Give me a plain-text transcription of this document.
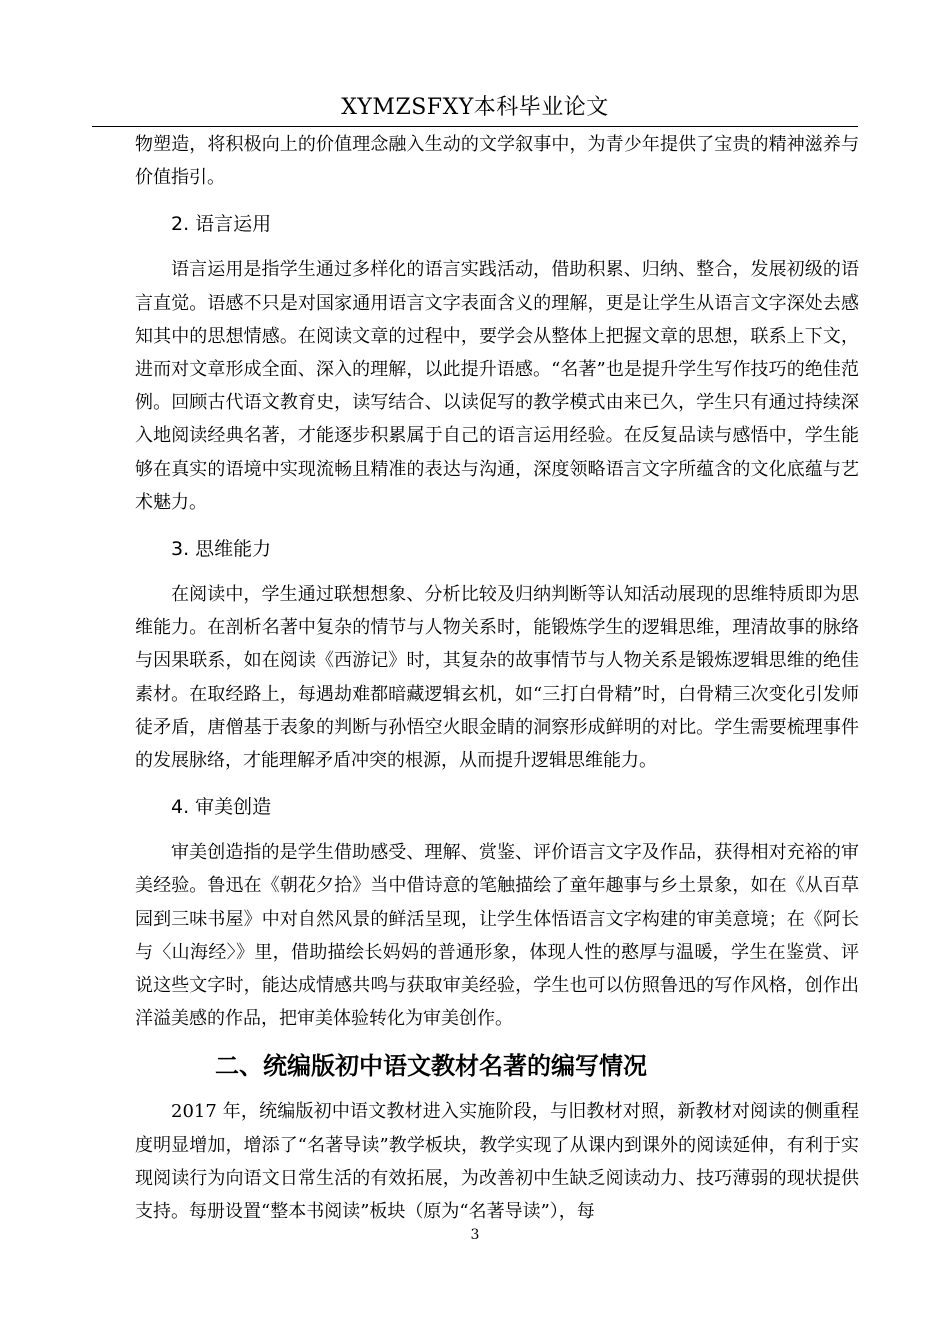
XYMZSFXY本科毕业论文

物塑造，将积极向上的价值理念融入生动的文学叙事中，为青少年提供了宝贵的精神滋养与价值指引。

2. 语言运用

语言运用是指学生通过多样化的语言实践活动，借助积累、归纳、整合，发展初级的语言直觉。语感不只是对国家通用语言文字表面含义的理解，更是让学生从语言文字深处去感知其中的思想情感。在阅读文章的过程中，要学会从整体上把握文章的思想，联系上下文，进而对文章形成全面、深入的理解，以此提升语感。“名著”也是提升学生写作技巧的绝佳范例。回顾古代语文教育史，读写结合、以读促写的教学模式由来已久，学生只有通过持续深入地阅读经典名著，才能逐步积累属于自己的语言运用经验。在反复品读与感悟中，学生能够在真实的语境中实现流畅且精准的表达与沟通，深度领略语言文字所蕴含的文化底蕴与艺术魅力。

3. 思维能力

在阅读中，学生通过联想想象、分析比较及归纳判断等认知活动展现的思维特质即为思维能力。在剖析名著中复杂的情节与人物关系时，能锻炼学生的逻辑思维，理清故事的脉络与因果联系，如在阅读《西游记》时，其复杂的故事情节与人物关系是锻炼逻辑思维的绝佳素材。在取经路上，每遇劫难都暗藏逻辑玄机，如“三打白骨精”时，白骨精三次变化引发师徒矛盾，唐僧基于表象的判断与孙悟空火眼金睛的洞察形成鲜明的对比。学生需要梳理事件的发展脉络，才能理解矛盾冲突的根源，从而提升逻辑思维能力。

4. 审美创造

审美创造指的是学生借助感受、理解、赏鉴、评价语言文字及作品，获得相对充裕的审美经验。鲁迅在《朝花夕拾》当中借诗意的笔触描绘了童年趣事与乡土景象，如在《从百草园到三味书屋》中对自然风景的鲜活呈现，让学生体悟语言文字构建的审美意境；在《阿长与〈山海经〉》里，借助描绘长妈妈的普通形象，体现人性的憨厚与温暖，学生在鉴赏、评说这些文字时，能达成情感共鸣与获取审美经验，学生也可以仿照鲁迅的写作风格，创作出洋溢美感的作品，把审美体验转化为审美创作。

二、统编版初中语文教材名著的编写情况

2017 年，统编版初中语文教材进入实施阶段，与旧教材对照，新教材对阅读的侧重程度明显增加，增添了“名著导读”教学板块，教学实现了从课内到课外的阅读延伸，有利于实现阅读行为向语文日常生活的有效拓展，为改善初中生缺乏阅读动力、技巧薄弱的现状提供支持。每册设置“整本书阅读”板块（原为“名著导读”），每

3
